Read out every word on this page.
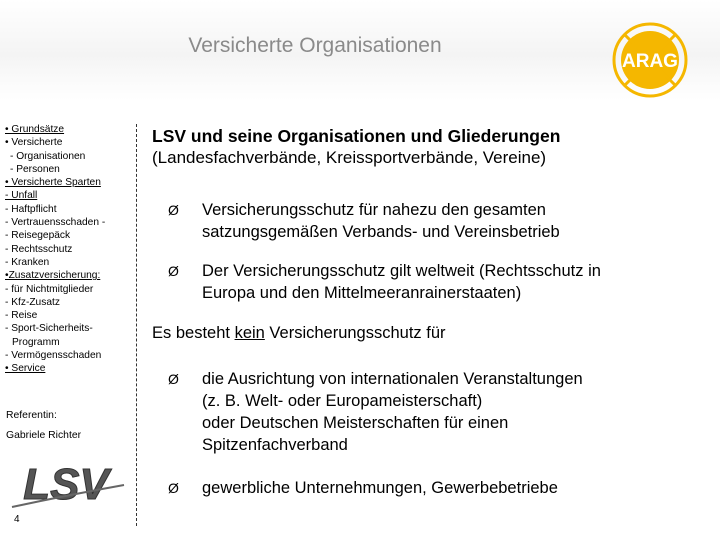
Versicherte Organisationen
ARAG
• Grundsätze
• Versicherte
- Organisationen
- Personen
• Versicherte Sparten
- Unfall
- Haftpflicht
- Vertrauensschaden -
- Reisegepäck
- Rechtsschutz
- Kranken
•Zusatzversicherung:
- für Nichtmitglieder
- Kfz-Zusatz
- Reise
- Sport-Sicherheits-
Programm
- Vermögensschaden
• Service
Referentin:
Gabriele Richter
LSV
4
LSV und seine Organisationen und Gliederungen
(Landesfachverbände, Kreissportverbände, Vereine)
Ø Versicherungsschutz für nahezu den gesamten
satzungsgemäßen Verbands- und Vereinsbetrieb
Ø Der Versicherungsschutz gilt weltweit (Rechtsschutz in
Europa und den Mittelmeeranrainerstaaten)
Es besteht kein Versicherungsschutz für
Ø die Ausrichtung von internationalen Veranstaltungen
(z. B. Welt- oder Europameisterschaft)
oder Deutschen Meisterschaften für einen
Spitzenfachverband
Ø gewerbliche Unternehmungen, Gewerbebetriebe
